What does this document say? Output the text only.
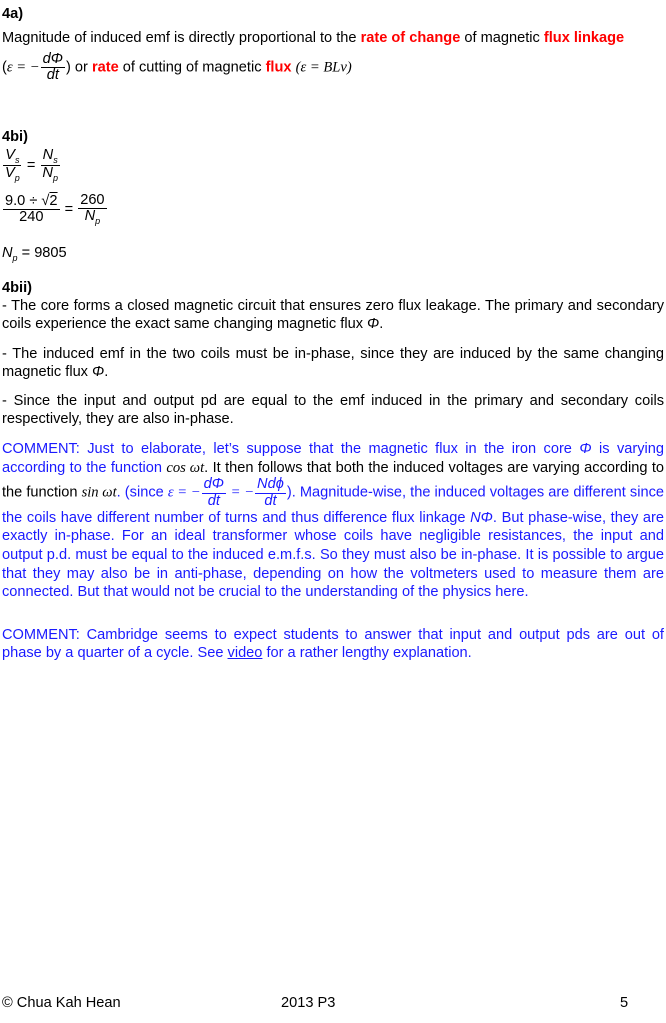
4a)
Magnitude of induced emf is directly proportional to the rate of change of magnetic flux linkage
(ε = − $\frac{d\Phi}{dt}$ ) or rate of cutting of magnetic flux (ε = BLv)
4bi)
$\frac{V_s}{V_p} = \frac{N_s}{N_p}$
$\frac{9.0 \div √2}{240} = \frac{260}{N_p}$
$N_p = 9805$
4bii)
- The core forms a closed magnetic circuit that ensures zero flux leakage. The primary and secondary coils experience the exact same changing magnetic flux Φ.
- The induced emf in the two coils must be in-phase, since they are induced by the same changing magnetic flux Φ.
- Since the input and output pd are equal to the emf induced in the primary and secondary coils respectively, they are also in-phase.
COMMENT: Just to elaborate, let’s suppose that the magnetic flux in the iron core Φ is varying according to the function cos ωt. It then follows that both the induced voltages are varying according to the function sin ωt. (since ε = − $\frac{d\Phi}{dt}$ = − $\frac{\text{Ndϕ}}{dt}$ ). Magnitude-wise, the induced voltages are different since the coils have different number of turns and thus difference flux linkage NΦ. But phase-wise, they are exactly in-phase. For an ideal transformer whose coils have negligible resistances, the input and output p.d. must be equal to the induced e.m.f.s. So they must also be in-phase. It is possible to argue that they may also be in anti-phase, depending on how the voltmeters used to measure them are connected. But that would not be crucial to the understanding of the physics here.
COMMENT: Cambridge seems to expect students to answer that input and output pds are out of phase by a quarter of a cycle. See video for a rather lengthy explanation.
© Chua Kah Hean	2013 P3	5
